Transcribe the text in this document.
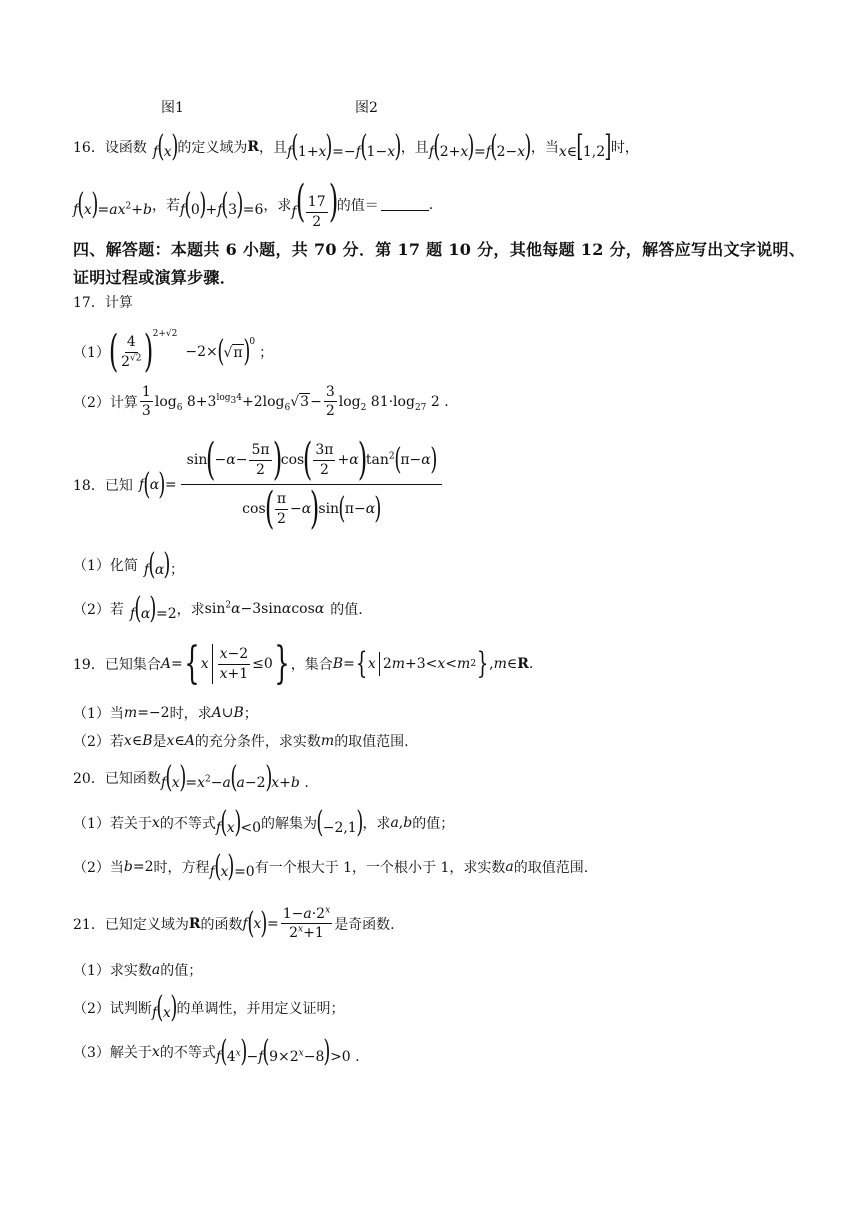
图1	图2
16． 设函数 f(x) 的定义域为 R ，且 f(1+x)=−f(1−x) ，且 f(2+x)=f(2−x) ，当 x∈[1,2] 时，
$f(x)=ax^2+b$ ，若 f(0)+f(3)=6 ，求 $f( \frac{17}{2}$ )
的值＝	.
四、解答题：本题共 6 小题，共 70 分．第 17 题 10 分，其他每题 12 分，解答应写出文字说明、
证明过程或演算步骤．
17． 计算
（1）
( $\frac{4}{2^{√2}}$ )
$^{2+√2}$
−2× ( √ π )$^0$
；
（2） 计算 $\frac{1}{3} \log_6 8+3^{log_34}+2\log_6$ √ $3 - \frac{3}{2} \log_2 81\cdot\log_{27}$ 2 .
18． 已知 f ( α ) = sin
(
− $\alpha - \frac{5\pi}{2}$ )
cos
( $\frac{3\pi}{2} + \alpha$
)
$\tan^2$ ( π− α )
cos
( $\frac{\pi}{2} - \alpha$
)
sin ( π− α )
（1） 化简 f(α)；
（2） 若 f(α)=2 ，求 $\sin^2\alpha-3\sin\alpha\cos\alpha$ 的值.
19． 已知集合 A = { x $\frac{x-2}{x+1} \le 0$ } ，集合 B = { x 2 m +3< x < m 2 } , m ∈ R .
（1） 当 m=−2 时，求 A∪B ；
（2） 若 x∈B 是 x∈A 的充分条件，求实数 m 的取值范围.
20． 已知函数 $f(x)=x^2-a(a-2)x+b$ .
（1） 若关于 x 的不等式 f(x)<0 的解集为 (−2,1) ，求 a,b 的值；
（2） 当 b=2 时，方程 f(x)=0 有一个根大于 1，一个根小于 1，求实数 a 的取值范围.
21． 已知定义域为 R 的函数 f ( x ) = $\frac{1-a\cdot 2^x}{2^x+1}$ 是奇函数.
（1） 求实数 a 的值；
（2） 试判断 f(x) 的单调性，并用定义证明；
（3） 解关于 x 的不等式 $f(4^x)-f(9\times 2^x-8)>0$ .
